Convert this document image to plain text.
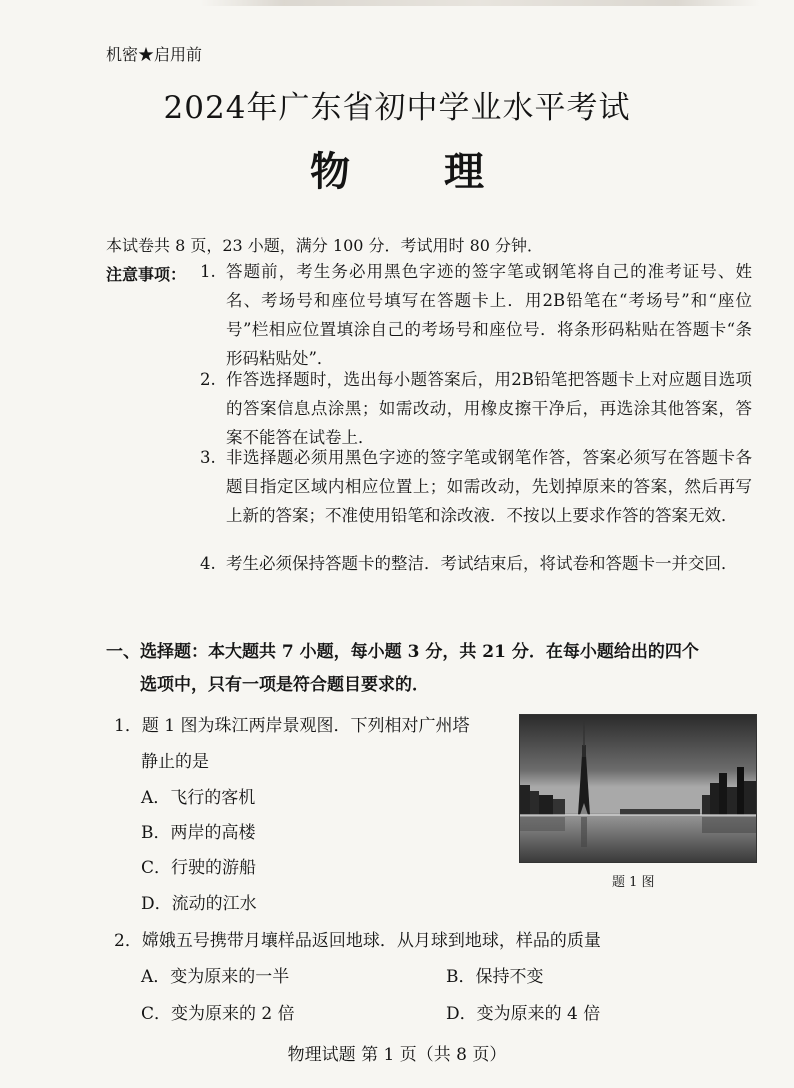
机密★启用前
2024年广东省初中学业水平考试
物 理
本试卷共 8 页，23 小题，满分 100 分．考试用时 80 分钟．
注意事项： 1. 答题前，考生务必用黑色字迹的签字笔或钢笔将自己的准考证号、姓名、考场号和座位号填写在答题卡上．用2B铅笔在“考场号”和“座位号”栏相应位置填涂自己的考场号和座位号．将条形码粘贴在答题卡“条形码粘贴处”．
2. 作答选择题时，选出每小题答案后，用2B铅笔把答题卡上对应题目选项的答案信息点涂黑；如需改动，用橡皮擦干净后，再选涂其他答案，答案不能答在试卷上．
3. 非选择题必须用黑色字迹的签字笔或钢笔作答，答案必须写在答题卡各题目指定区域内相应位置上；如需改动，先划掉原来的答案，然后再写上新的答案；不准使用铅笔和涂改液．不按以上要求作答的答案无效．
4. 考生必须保持答题卡的整洁．考试结束后，将试卷和答题卡一并交回．
一、选择题：本大题共 7 小题，每小题 3 分，共 21 分．在每小题给出的四个
选项中，只有一项是符合题目要求的．
1．题 1 图为珠江两岸景观图．下列相对广州塔
静止的是
A．飞行的客机
B．两岸的高楼
C．行驶的游船
D．流动的江水
题 1 图
2．嫦娥五号携带月壤样品返回地球．从月球到地球，样品的质量
A．变为原来的一半	B．保持不变
C．变为原来的 2 倍	D．变为原来的 4 倍
物理试题 第 1 页（共 8 页）
